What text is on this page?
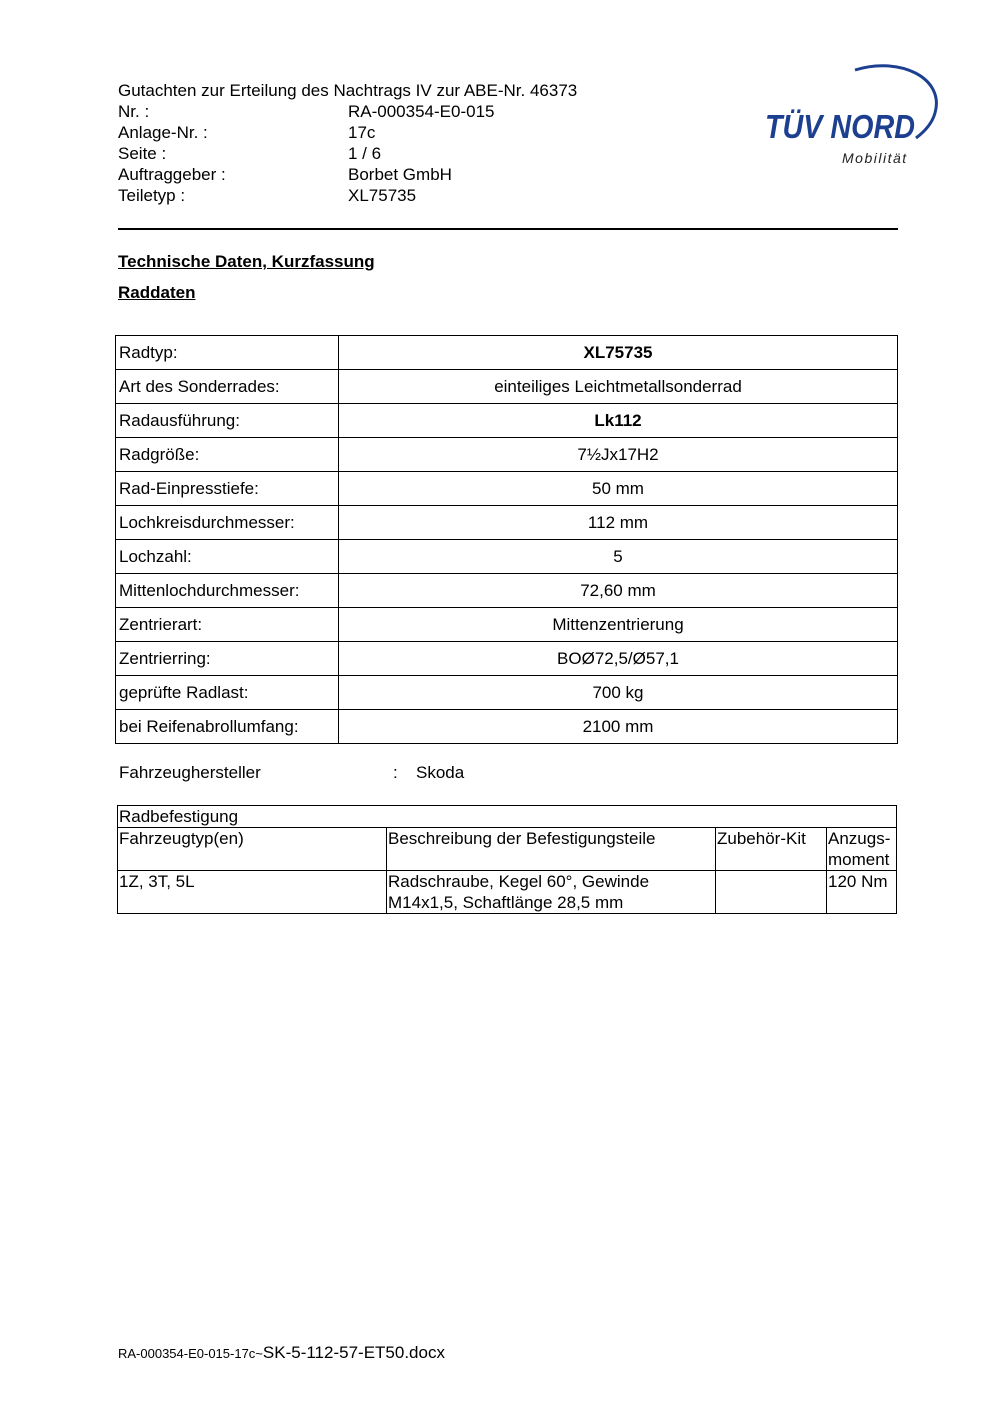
Gutachten zur Erteilung des Nachtrags IV zur ABE-Nr. 46373
Nr. :	RA-000354-E0-015
Anlage-Nr. :	17c
Seite :	1 / 6
Auftraggeber :	Borbet GmbH
Teiletyp :	XL75735
TÜV NORD
Mobilität
Technische Daten, Kurzfassung
Raddaten
Radtyp:	XL75735
Art des Sonderrades:	einteiliges Leichtmetallsonderrad
Radausführung:	Lk112
Radgröße:	7½Jx17H2
Rad-Einpresstiefe:	50 mm
Lochkreisdurchmesser:	112 mm
Lochzahl:	5
Mittenlochdurchmesser:	72,60 mm
Zentrierart:	Mittenzentrierung
Zentrierring:	BOØ72,5/Ø57,1
geprüfte Radlast:	700 kg
bei Reifenabrollumfang:	2100 mm
Fahrzeughersteller	: Skoda
Radbefestigung			
Fahrzeugtyp(en)	Beschreibung der Befestigungsteile	Zubehör-Kit	Anzugs-
moment

1Z, 3T, 5L	Radschraube, Kegel 60°, Gewinde
M14x1,5, Schaftlänge 28,5 mm		120 Nm
RA-000354-E0-015-17c~SK-5-112-57-ET50.docx
